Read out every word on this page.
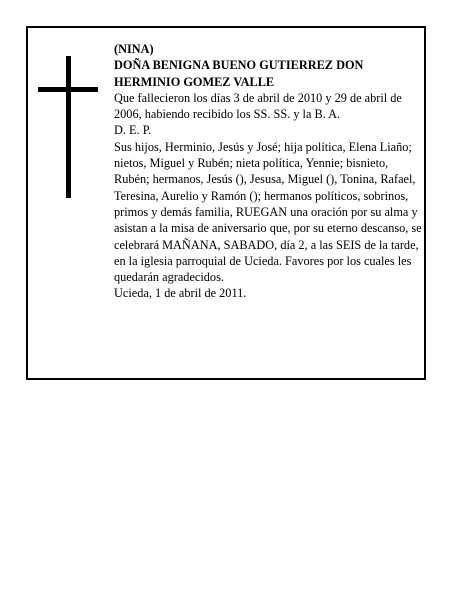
(NINA)

DOÑA BENIGNA BUENO GUTIERREZ DON HERMINIO GOMEZ VALLE

Que fallecieron los días 3 de abril de 2010 y 29 de abril de 2006, habiendo recibido los SS. SS. y la B. A.

D. E. P.

Sus hijos, Herminio, Jesús y José; hija política, Elena Liaño; nietos, Miguel y Rubén; nieta política, Yennie; bisnieto, Rubén; hermanos, Jesús (), Jesusa, Miguel (), Tonina, Rafael, Teresina, Aurelio y Ramón (); hermanos políticos, sobrinos, primos y demás familia, RUEGAN una oración por su alma y asistan a la misa de aniversario que, por su eterno descanso, se celebrará MAÑANA, SABADO, día 2, a las SEIS de la tarde, en la iglesia parroquial de Ucieda. Favores por los cuales les quedarán agradecidos.

Ucieda, 1 de abril de 2011.
